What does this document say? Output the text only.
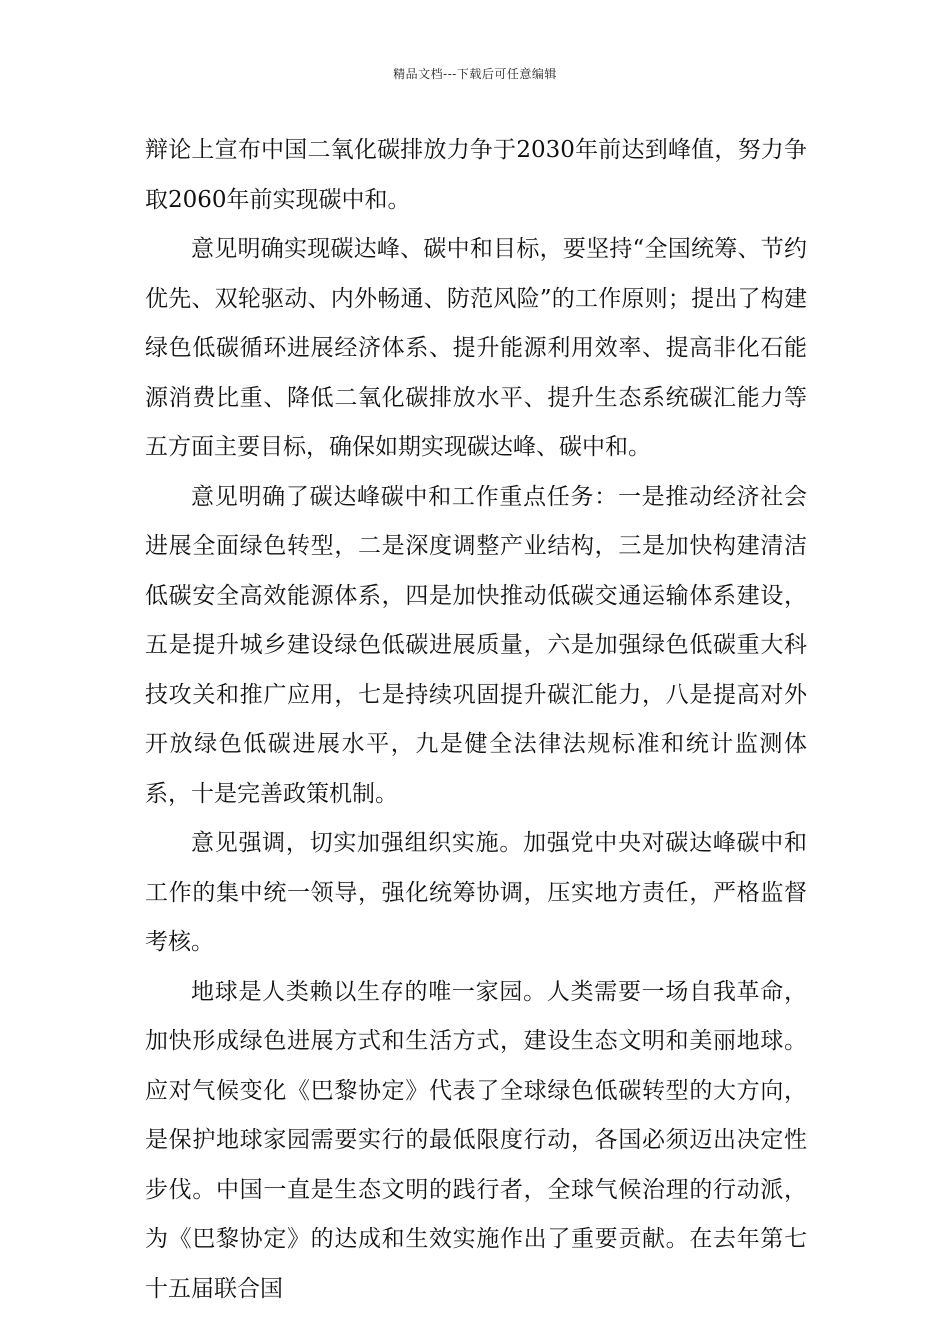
精品文档---下载后可任意编辑

辩论上宣布中国二氧化碳排放力争于2030年前达到峰值，努力争取2060年前实现碳中和。

意见明确实现碳达峰、碳中和目标，要坚持“全国统筹、节约优先、双轮驱动、内外畅通、防范风险”的工作原则；提出了构建绿色低碳循环进展经济体系、提升能源利用效率、提高非化石能源消费比重、降低二氧化碳排放水平、提升生态系统碳汇能力等五方面主要目标，确保如期实现碳达峰、碳中和。

意见明确了碳达峰碳中和工作重点任务：一是推动经济社会进展全面绿色转型，二是深度调整产业结构，三是加快构建清洁低碳安全高效能源体系，四是加快推动低碳交通运输体系建设，五是提升城乡建设绿色低碳进展质量，六是加强绿色低碳重大科技攻关和推广应用，七是持续巩固提升碳汇能力，八是提高对外开放绿色低碳进展水平，九是健全法律法规标准和统计监测体系，十是完善政策机制。

意见强调，切实加强组织实施。加强党中央对碳达峰碳中和工作的集中统一领导，强化统筹协调，压实地方责任，严格监督考核。

地球是人类赖以生存的唯一家园。人类需要一场自我革命，加快形成绿色进展方式和生活方式，建设生态文明和美丽地球。应对气候变化《巴黎协定》代表了全球绿色低碳转型的大方向，是保护地球家园需要实行的最低限度行动，各国必须迈出决定性步伐。中国一直是生态文明的践行者，全球气候治理的行动派，为《巴黎协定》的达成和生效实施作出了重要贡献。在去年第七十五届联合国
